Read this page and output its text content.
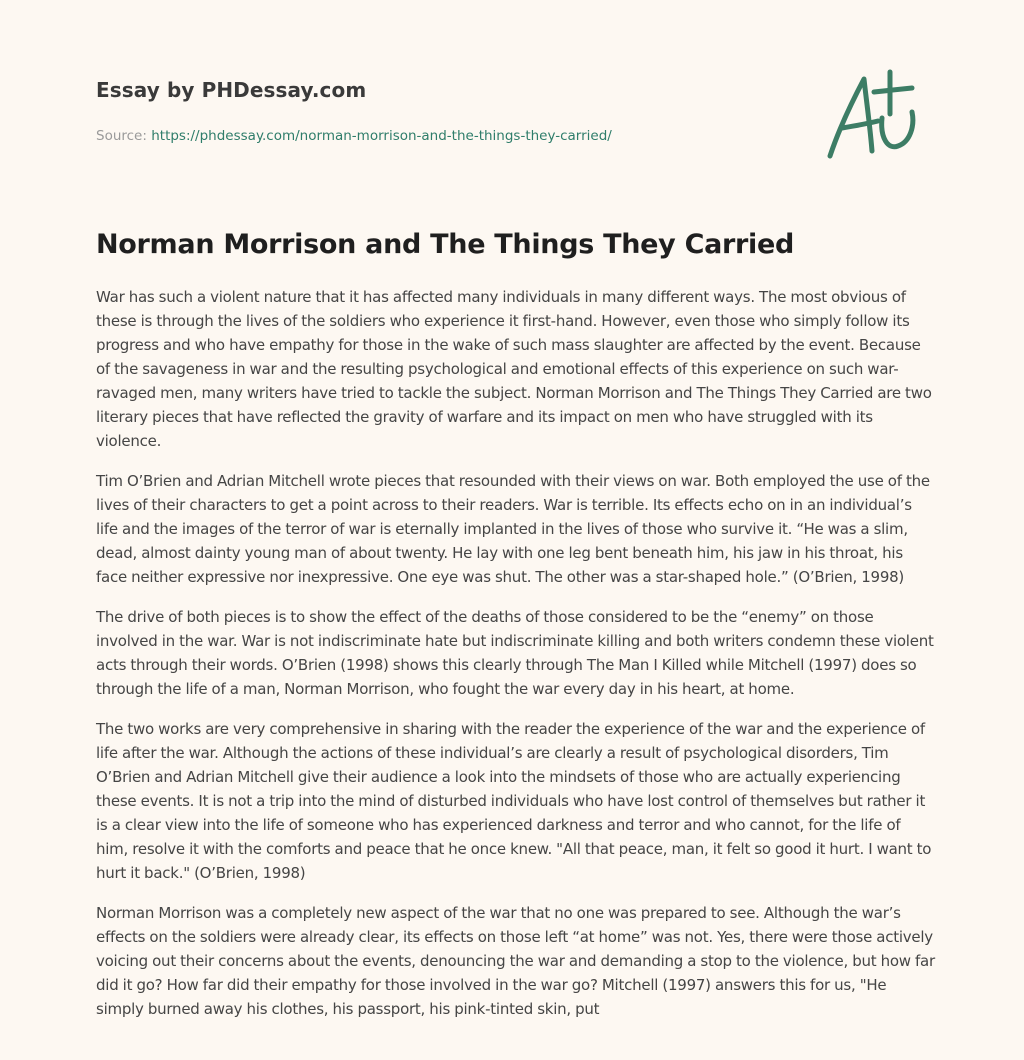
Essay by PHDessay.com
Source: https://phdessay.com/norman-morrison-and-the-things-they-carried/
Norman Morrison and The Things They Carried

War has such a violent nature that it has affected many individuals in many different ways. The most obvious of these is through the lives of the soldiers who experience it first-hand. However, even those who simply follow its progress and who have empathy for those in the wake of such mass slaughter are affected by the event. Because of the savageness in war and the resulting psychological and emotional effects of this experience on such war-ravaged men, many writers have tried to tackle the subject. Norman Morrison and The Things They Carried are two literary pieces that have reflected the gravity of warfare and its impact on men who have struggled with its violence.

Tim O’Brien and Adrian Mitchell wrote pieces that resounded with their views on war. Both employed the use of the lives of their characters to get a point across to their readers. War is terrible. Its effects echo on in an individual’s life and the images of the terror of war is eternally implanted in the lives of those who survive it. “He was a slim, dead, almost dainty young man of about twenty. He lay with one leg bent beneath him, his jaw in his throat, his face neither expressive nor inexpressive. One eye was shut. The other was a star-shaped hole.” (O’Brien, 1998)

The drive of both pieces is to show the effect of the deaths of those considered to be the “enemy” on those involved in the war. War is not indiscriminate hate but indiscriminate killing and both writers condemn these violent acts through their words. O’Brien (1998) shows this clearly through The Man I Killed while Mitchell (1997) does so through the life of a man, Norman Morrison, who fought the war every day in his heart, at home.

The two works are very comprehensive in sharing with the reader the experience of the war and the experience of life after the war. Although the actions of these individual’s are clearly a result of psychological disorders, Tim O’Brien and Adrian Mitchell give their audience a look into the mindsets of those who are actually experiencing these events. It is not a trip into the mind of disturbed individuals who have lost control of themselves but rather it is a clear view into the life of someone who has experienced darkness and terror and who cannot, for the life of him, resolve it with the comforts and peace that he once knew. "All that peace, man, it felt so good it hurt. I want to hurt it back." (O’Brien, 1998)

Norman Morrison was a completely new aspect of the war that no one was prepared to see. Although the war’s effects on the soldiers were already clear, its effects on those left “at home” was not. Yes, there were those actively voicing out their concerns about the events, denouncing the war and demanding a stop to the violence, but how far did it go? How far did their empathy for those involved in the war go? Mitchell (1997) answers this for us, "He simply burned away his clothes, his passport, his pink-tinted skin, put
